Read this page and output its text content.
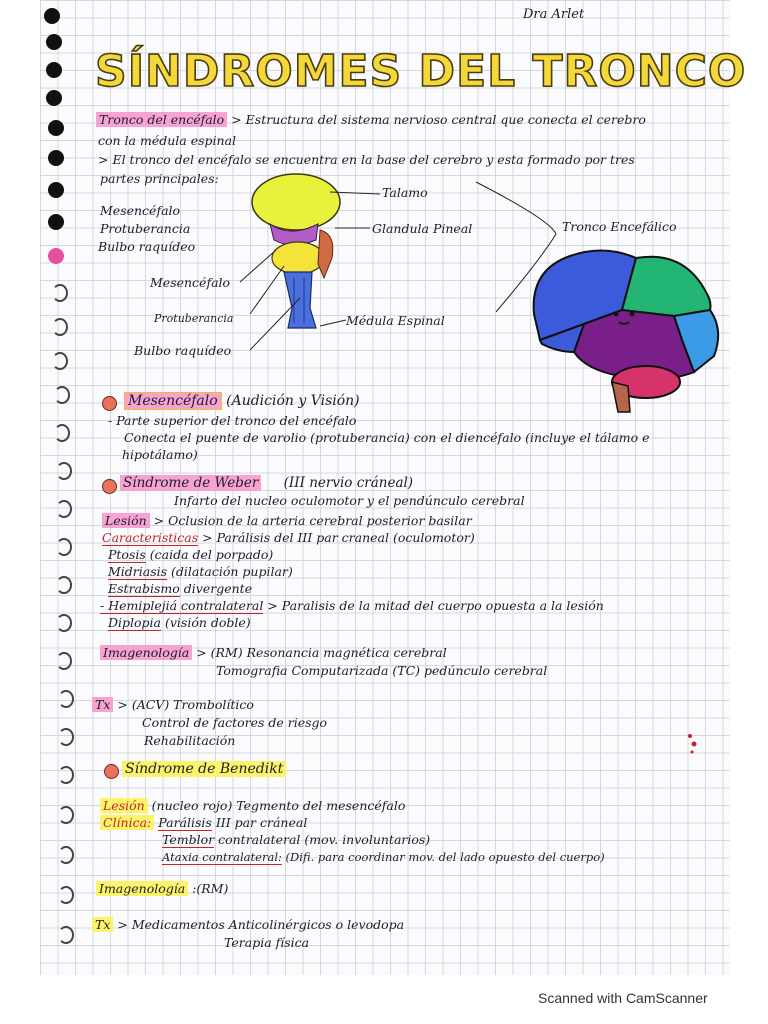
Dra Arlet
SÍNDROMES DEL TRONCO
Tronco del encéfalo > Estructura del sistema nervioso central que conecta el cerebro
con la médula espinal
> El tronco del encéfalo se encuentra en la base del cerebro y esta formado por tres
partes principales:
Mesencéfalo
Protuberancia
Bulbo raquídeo
Talamo
Glandula Pineal
Mesencéfalo
Protuberancia
Bulbo raquídeo
Médula Espinal
Tronco Encefálico
Mesencéfalo (Audición y Visión)
- Parte superior del tronco del encéfalo
Conecta el puente de varolio (protuberancia) con el diencéfalo (incluye el tálamo e
hipotálamo)
Síndrome de Weber (III nervio cráneal)
Infarto del nucleo oculomotor y el pendúnculo cerebral
Lesión > Oclusion de la arteria cerebral posterior basilar
Caracteristicas > Parálisis del III par craneal (oculomotor)
Ptosis (caida del porpado)
Midriasis (dilatación pupilar)
Estrabismo divergente
- Hemiplejiá contralateral > Paralisis de la mitad del cuerpo opuesta a la lesión
Diplopia (visión doble)
Imagenología > (RM) Resonancia magnética cerebral
Tomografia Computarizada (TC) pedúnculo cerebral
Tx > (ACV) Trombolítico
Control de factores de riesgo
Rehabilitación
Síndrome de Benedikt
Lesión (nucleo rojo) Tegmento del mesencéfalo
Clínica: Parálisis III par cráneal
Temblor contralateral (mov. involuntarios)
Ataxia contralateral: (Difi. para coordinar mov. del lado opuesto del cuerpo)
Imagenología :(RM)
Tx > Medicamentos Anticolinérgicos o levodopa
Terapia física
Scanned with CamScanner
